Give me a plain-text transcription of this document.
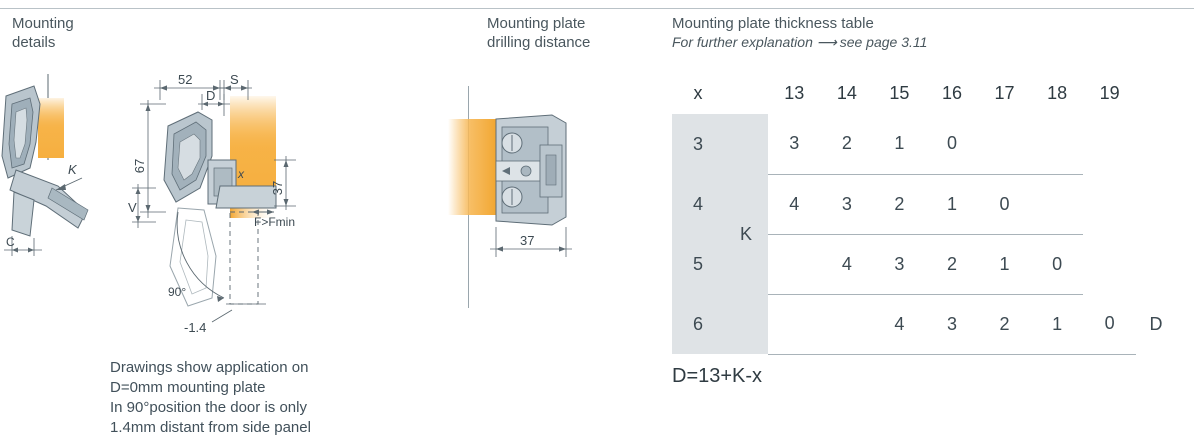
Mounting
details
Mounting plate
drilling distance
Mounting plate thickness table
For further explanation ⟶ see page 3.11
C
K
52	S
D
67
V
x
37
F>Fmin
90°
-1.4
Drawings show application on
D=0mm mounting plate
In 90°position the door is only
1.4mm distant from side panel
37
x		13	14	15	16	17	18	19	
3	K	3	2	1	0				
4		4	3	2	1	0			
5			4	3	2	1	0		
6				4	3	2	1	0	D
D=13+K-x
